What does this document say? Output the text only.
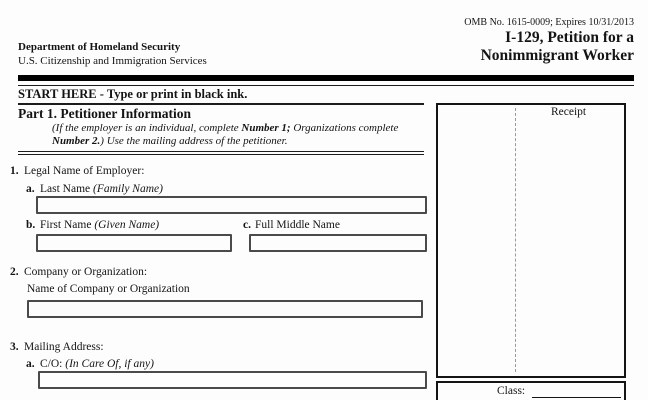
Department of Homeland Security
U.S. Citizenship and Immigration Services
OMB No. 1615-0009; Expires 10/31/2013
I-129, Petition for a
Nonimmigrant Worker
START HERE - Type or print in black ink.
Part 1. Petitioner Information
(If the employer is an individual, complete Number 1; Organizations complete
Number 2.) Use the mailing address of the petitioner.
1. Legal Name of Employer:
a. Last Name (Family Name)
b. First Name (Given Name)	c. Full Middle Name
2. Company or Organization:
Name of Company or Organization
3. Mailing Address:
a. C/O: (In Care Of, if any)
Receipt
Class:
